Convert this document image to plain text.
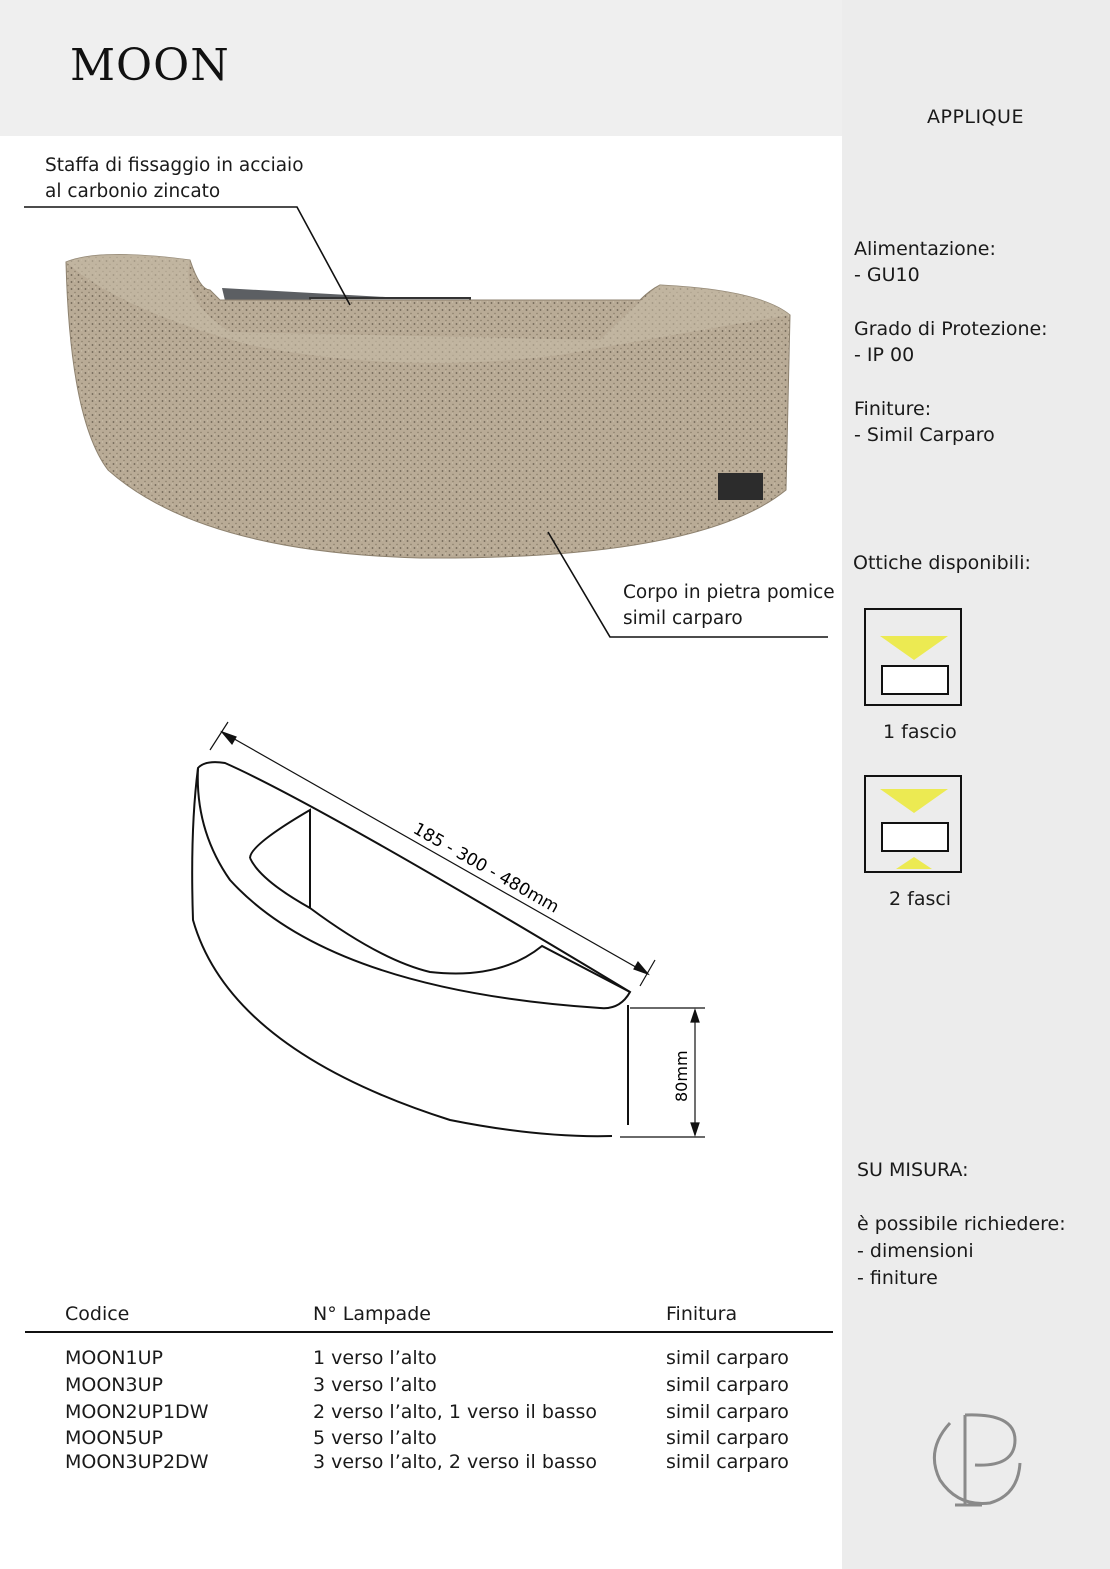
MOON
APPLIQUE
Staffa di fissaggio in acciaio
al carbonio zincato
Corpo in pietra pomice
simil carparo
185 - 300 - 480mm
80mm
Alimentazione:
- GU10
Grado di Protezione:
- IP 00
Finiture:
- Simil Carparo
Ottiche disponibili:
1 fascio
2 fasci
SU MISURA:
è possibile richiedere:
- dimensioni
- finiture
Codice	N° Lampade	Finitura
MOON1UP	1 verso l’alto	simil carparo
MOON3UP	3 verso l’alto	simil carparo
MOON2UP1DW	2 verso l’alto, 1 verso il basso	simil carparo
MOON5UP	5 verso l’alto	simil carparo
MOON3UP2DW	3 verso l’alto, 2 verso il basso	simil carparo
